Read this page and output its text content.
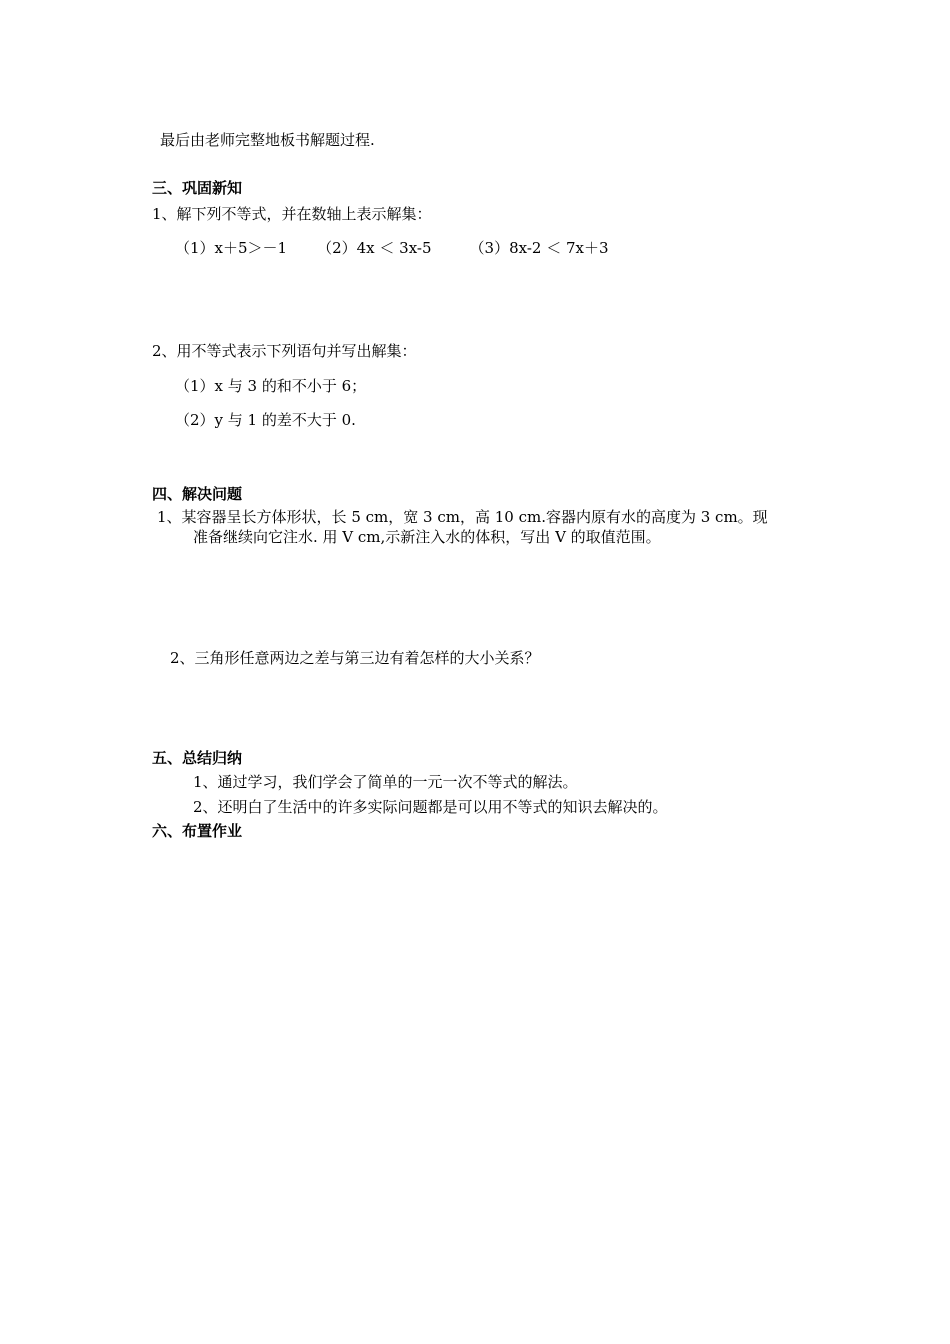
最后由老师完整地板书解题过程.
三、巩固新知
1、解下列不等式，并在数轴上表示解集：
（1）x＋5＞－1 （2）4x ＜ 3x-5	（3）8x-2 ＜ 7x＋3
2、用不等式表示下列语句并写出解集：
（1）x 与 3 的和不小于 6；
（2）y 与 1 的差不大于 0.
四、解决问题
1、某容器呈长方体形状，长 5 cm，宽 3 cm，高 10 cm.容器内原有水的高度为 3 cm。现
准备继续向它注水. 用 V cm,示新注入水的体积，写出 V 的取值范围。
2、三角形任意两边之差与第三边有着怎样的大小关系？
五、总结归纳
1、通过学习，我们学会了简单的一元一次不等式的解法。
2、还明白了生活中的许多实际问题都是可以用不等式的知识去解决的。
六、布置作业
